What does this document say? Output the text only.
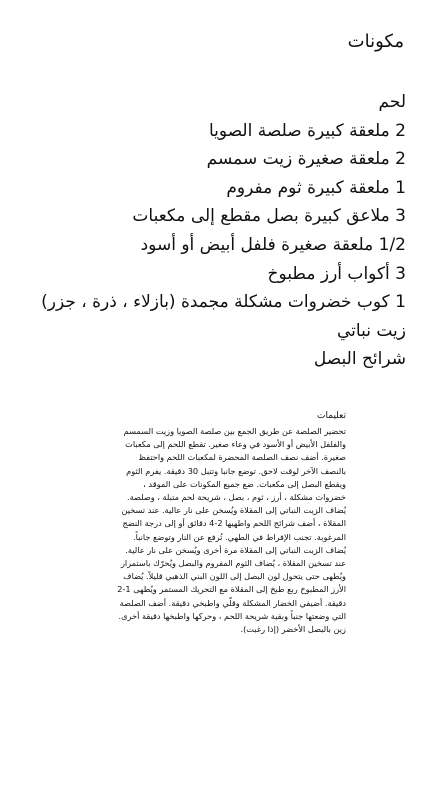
مكونات
لحم
2 ملعقة كبيرة صلصة الصويا
2 ملعقة صغيرة زيت سمسم
1 ملعقة كبيرة ثوم مفروم
3 ملاعق كبيرة بصل مقطع إلى مكعبات
1/2 ملعقة صغيرة فلفل أبيض أو أسود
3 أكواب أرز مطبوخ
1 كوب خضروات مشكلة مجمدة (بازلاء ، ذرة ، جزر)
زيت نباتي
شرائح البصل
تعليمات

تحضير الصلصة عن طريق الجمع بين صلصة الصويا وزيت السمسم والفلفل الأبيض أو الأسود في وعاء صغير. تقطع اللحم إلى مكعبات صغيرة. أضف نصف الصلصة المحضرة لمكعبات اللحم واحتفظ بالنصف الآخر لوقت لاحق. توضع جانبا وتتبل 30 دقيقة. يفرم الثوم ويقطع البصل إلى مكعبات. ضع جميع المكونات على الموقد ، خضروات مشكلة ، أرز ، ثوم ، بصل ، شريحة لحم متبلة ، وصلصة. يُضاف الزيت النباتي إلى المقلاة ويُسخن على نار عالية. عند تسخين المقلاة ، أضف شرائح اللحم واطهيها 2-4 دقائق أو إلى درجة النضج المرغوبة. تجنب الإفراط في الطهي. تُرفع عن النار وتوضع جانباً. يُضاف الزيت النباتي إلى المقلاة مرة أخرى ويُسخن على نار عالية. عند تسخين المقلاة ، يُضاف الثوم المفروم والبصل ويُحرّك باستمرار ويُطهى حتى يتحول لون البصل إلى اللون البني الذهبي قليلاً. يُضاف الأرز المطبوخ ربع طبخ إلى المقلاة مع التحريك المستمر ويُطهى 1-2 دقيقة. أضيفي الخضار المشكلة وقلّي واطبخي دقيقة. أضف الصلصة التي وضعتها جنباً وبقية شريحة اللحم ، وحركها واطبخها دقيقة أخرى. زين بالبصل الأخضر (إذا رغبت).
